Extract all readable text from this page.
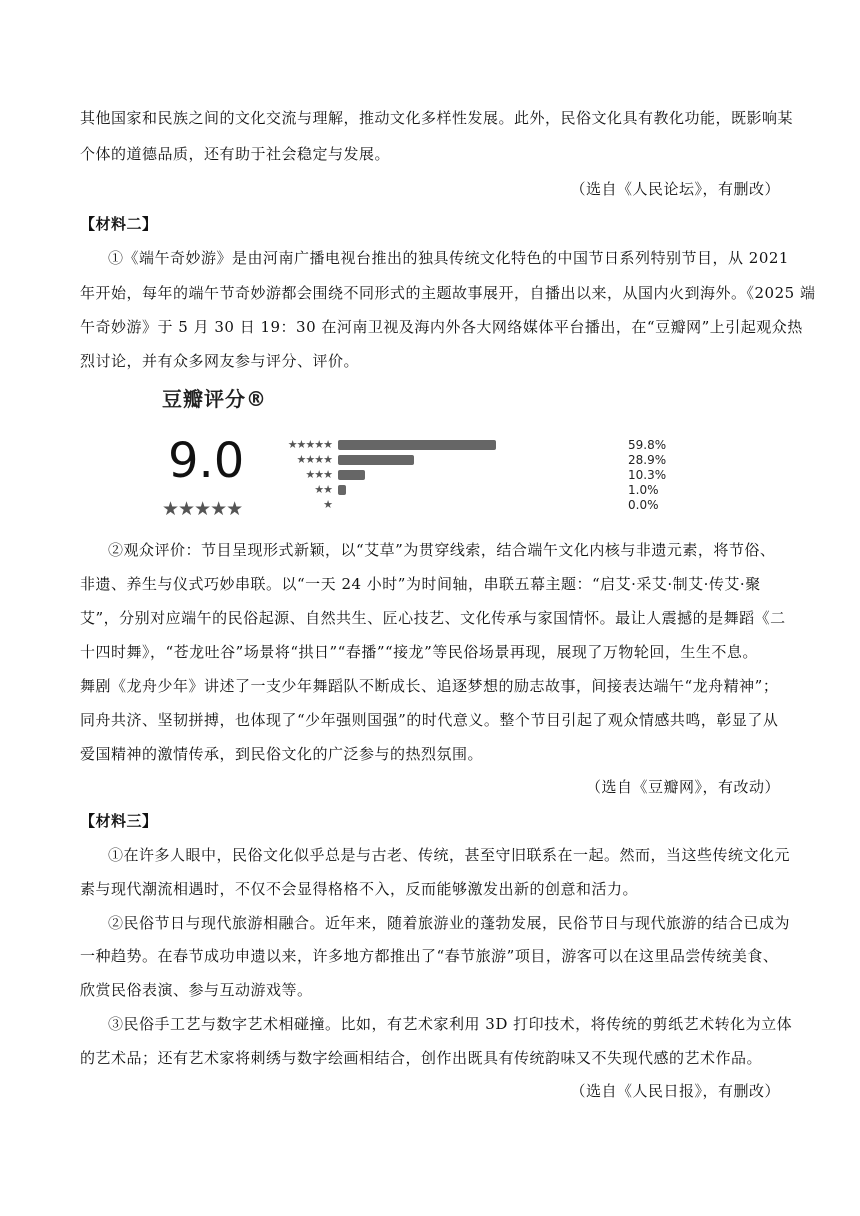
其他国家和民族之间的文化交流与理解，推动文化多样性发展。此外，民俗文化具有教化功能，既影响某
个体的道德品质，还有助于社会稳定与发展。
（选自《人民论坛》，有删改）
【材料二】
①《端午奇妙游》是由河南广播电视台推出的独具传统文化特色的中国节日系列特别节目，从 2021
年开始，每年的端午节奇妙游都会围绕不同形式的主题故事展开，自播出以来，从国内火到海外。《2025 端
午奇妙游》于 5 月 30 日 19：30 在河南卫视及海内外各大网络媒体平台播出，在“豆瓣网”上引起观众热
烈讨论，并有众多网友参与评分、评价。
豆瓣评分®
9.0
★★★★★
★★★★★	59.8%
★★★★	28.9%
★★★	10.3%
★★	1.0%
★	0.0%
②观众评价：节目呈现形式新颖，以“艾草”为贯穿线索，结合端午文化内核与非遗元素，将节俗、
非遗、养生与仪式巧妙串联。以“一天 24 小时”为时间轴，串联五幕主题：“启艾·采艾·制艾·传艾·聚
艾”，分别对应端午的民俗起源、自然共生、匠心技艺、文化传承与家国情怀。最让人震撼的是舞蹈《二
十四时舞》，“苍龙吐谷”场景将“拱日”“春播”“接龙”等民俗场景再现，展现了万物轮回，生生不息。
舞剧《龙舟少年》讲述了一支少年舞蹈队不断成长、追逐梦想的励志故事，间接表达端午“龙舟精神”；
同舟共济、坚韧拼搏，也体现了“少年强则国强”的时代意义。整个节目引起了观众情感共鸣，彰显了从
爱国精神的激情传承，到民俗文化的广泛参与的热烈氛围。
（选自《豆瓣网》，有改动）
【材料三】
①在许多人眼中，民俗文化似乎总是与古老、传统，甚至守旧联系在一起。然而，当这些传统文化元
素与现代潮流相遇时，不仅不会显得格格不入，反而能够激发出新的创意和活力。
②民俗节日与现代旅游相融合。近年来，随着旅游业的蓬勃发展，民俗节日与现代旅游的结合已成为
一种趋势。在春节成功申遗以来，许多地方都推出了“春节旅游”项目，游客可以在这里品尝传统美食、
欣赏民俗表演、参与互动游戏等。
③民俗手工艺与数字艺术相碰撞。比如，有艺术家利用 3D 打印技术，将传统的剪纸艺术转化为立体
的艺术品；还有艺术家将刺绣与数字绘画相结合，创作出既具有传统韵味又不失现代感的艺术作品。
（选自《人民日报》，有删改）
